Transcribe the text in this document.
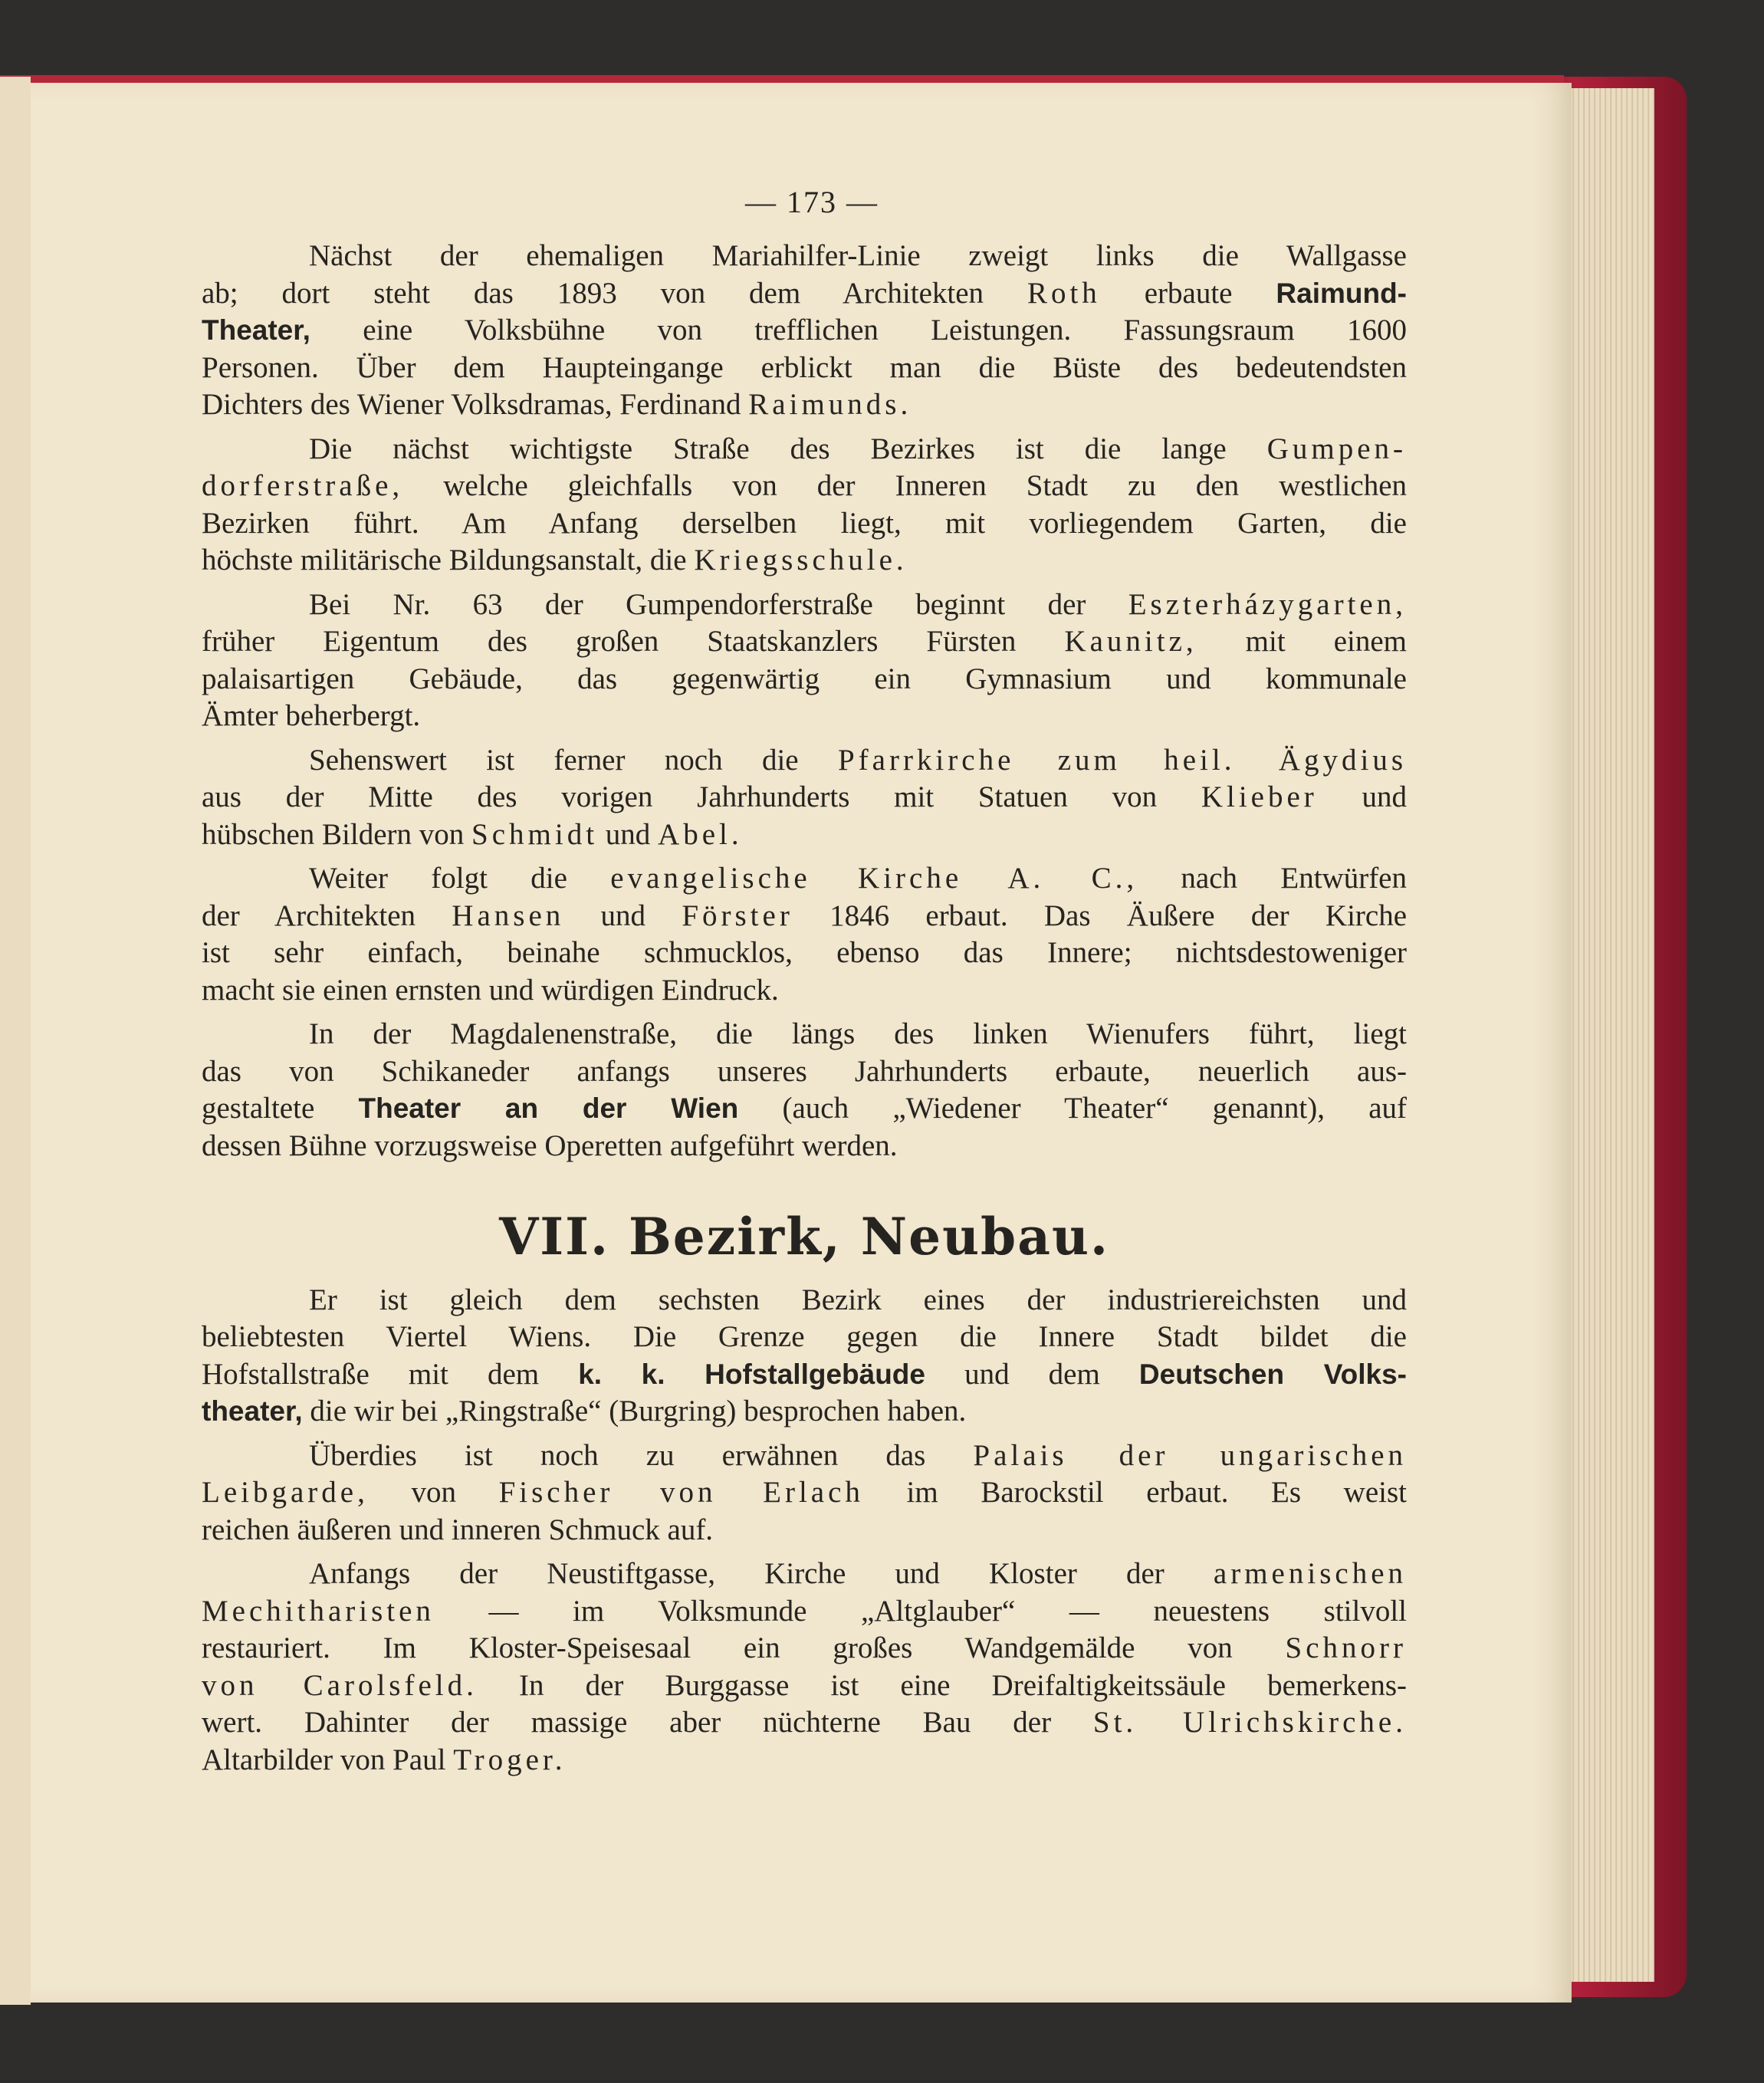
— 173 —
Nächst der ehemaligen Mariahilfer-Linie zweigt links die Wallgasse
ab; dort steht das 1893 von dem Architekten Roth erbaute Raimund-
Theater, eine Volksbühne von trefflichen Leistungen. Fassungsraum 1600
Personen. Über dem Haupteingange erblickt man die Büste des bedeutendsten
Dichters des Wiener Volksdramas, Ferdinand Raimunds.
Die nächst wichtigste Straße des Bezirkes ist die lange Gumpen-
dorferstraße, welche gleichfalls von der Inneren Stadt zu den westlichen
Bezirken führt. Am Anfang derselben liegt, mit vorliegendem Garten, die
höchste militärische Bildungsanstalt, die Kriegsschule.
Bei Nr. 63 der Gumpendorferstraße beginnt der Eszterházygarten,
früher Eigentum des großen Staatskanzlers Fürsten Kaunitz, mit einem
palaisartigen Gebäude, das gegenwärtig ein Gymnasium und kommunale
Ämter beherbergt.
Sehenswert ist ferner noch die Pfarrkirche zum heil. Ägydius
aus der Mitte des vorigen Jahrhunderts mit Statuen von Klieber und
hübschen Bildern von Schmidt und Abel.
Weiter folgt die evangelische Kirche A. C., nach Entwürfen
der Architekten Hansen und Förster 1846 erbaut. Das Äußere der Kirche
ist sehr einfach, beinahe schmucklos, ebenso das Innere; nichtsdestoweniger
macht sie einen ernsten und würdigen Eindruck.
In der Magdalenenstraße, die längs des linken Wienufers führt, liegt
das von Schikaneder anfangs unseres Jahrhunderts erbaute, neuerlich aus-
gestaltete Theater an der Wien (auch „Wiedener Theater“ genannt), auf
dessen Bühne vorzugsweise Operetten aufgeführt werden.
VII. Bezirk, Neubau.
Er ist gleich dem sechsten Bezirk eines der industriereichsten und
beliebtesten Viertel Wiens. Die Grenze gegen die Innere Stadt bildet die
Hofstallstraße mit dem k. k. Hofstallgebäude und dem Deutschen Volks-
theater, die wir bei „Ringstraße“ (Burgring) besprochen haben.
Überdies ist noch zu erwähnen das Palais der ungarischen
Leibgarde, von Fischer von Erlach im Barockstil erbaut. Es weist
reichen äußeren und inneren Schmuck auf.
Anfangs der Neustiftgasse, Kirche und Kloster der armenischen
Mechitharisten — im Volksmunde „Altglauber“ — neuestens stilvoll
restauriert. Im Kloster-Speisesaal ein großes Wandgemälde von Schnorr
von Carolsfeld. In der Burggasse ist eine Dreifaltigkeitssäule bemerkens-
wert. Dahinter der massige aber nüchterne Bau der St. Ulrichskirche.
Altarbilder von Paul Troger.
